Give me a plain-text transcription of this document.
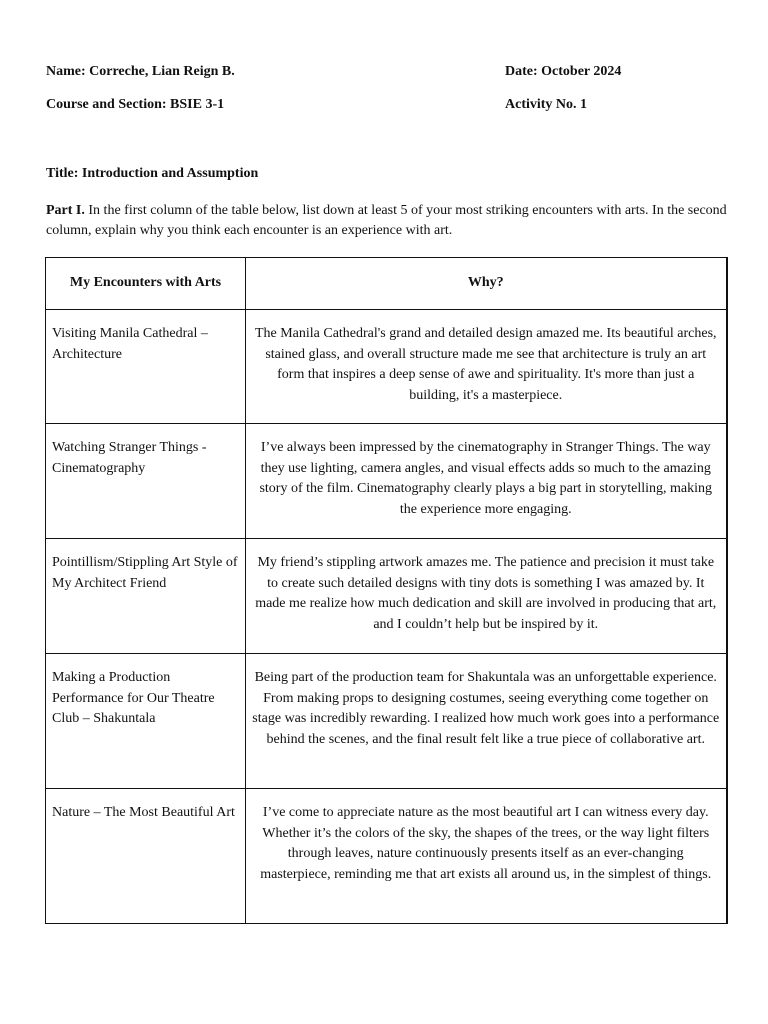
Name: Correche, Lian Reign B.	Date: October 2024
Course and Section: BSIE 3-1	Activity No. 1
Title: Introduction and Assumption
Part I. In the first column of the table below, list down at least 5 of your most striking encounters with arts. In the second column, explain why you think each encounter is an experience with art.
My Encounters with Arts	Why?
Visiting Manila Cathedral – Architecture	The Manila Cathedral's grand and detailed design amazed me. Its beautiful arches, stained glass, and overall structure made me see that architecture is truly an art form that inspires a deep sense of awe and spirituality. It's more than just a building, it's a masterpiece.
Watching Stranger Things - Cinematography	I’ve always been impressed by the cinematography in Stranger Things. The way they use lighting, camera angles, and visual effects adds so much to the amazing story of the film. Cinematography clearly plays a big part in storytelling, making the experience more engaging.
Pointillism/Stippling Art Style of My Architect Friend	My friend’s stippling artwork amazes me. The patience and precision it must take to create such detailed designs with tiny dots is something I was amazed by. It made me realize how much dedication and skill are involved in producing that art, and I couldn’t help but be inspired by it.
Making a Production Performance for Our Theatre Club – Shakuntala	Being part of the production team for Shakuntala was an unforgettable experience. From making props to designing costumes, seeing everything come together on stage was incredibly rewarding. I realized how much work goes into a performance behind the scenes, and the final result felt like a true piece of collaborative art.
Nature – The Most Beautiful Art	I’ve come to appreciate nature as the most beautiful art I can witness every day. Whether it’s the colors of the sky, the shapes of the trees, or the way light filters through leaves, nature continuously presents itself as an ever-changing masterpiece, reminding me that art exists all around us, in the simplest of things.
